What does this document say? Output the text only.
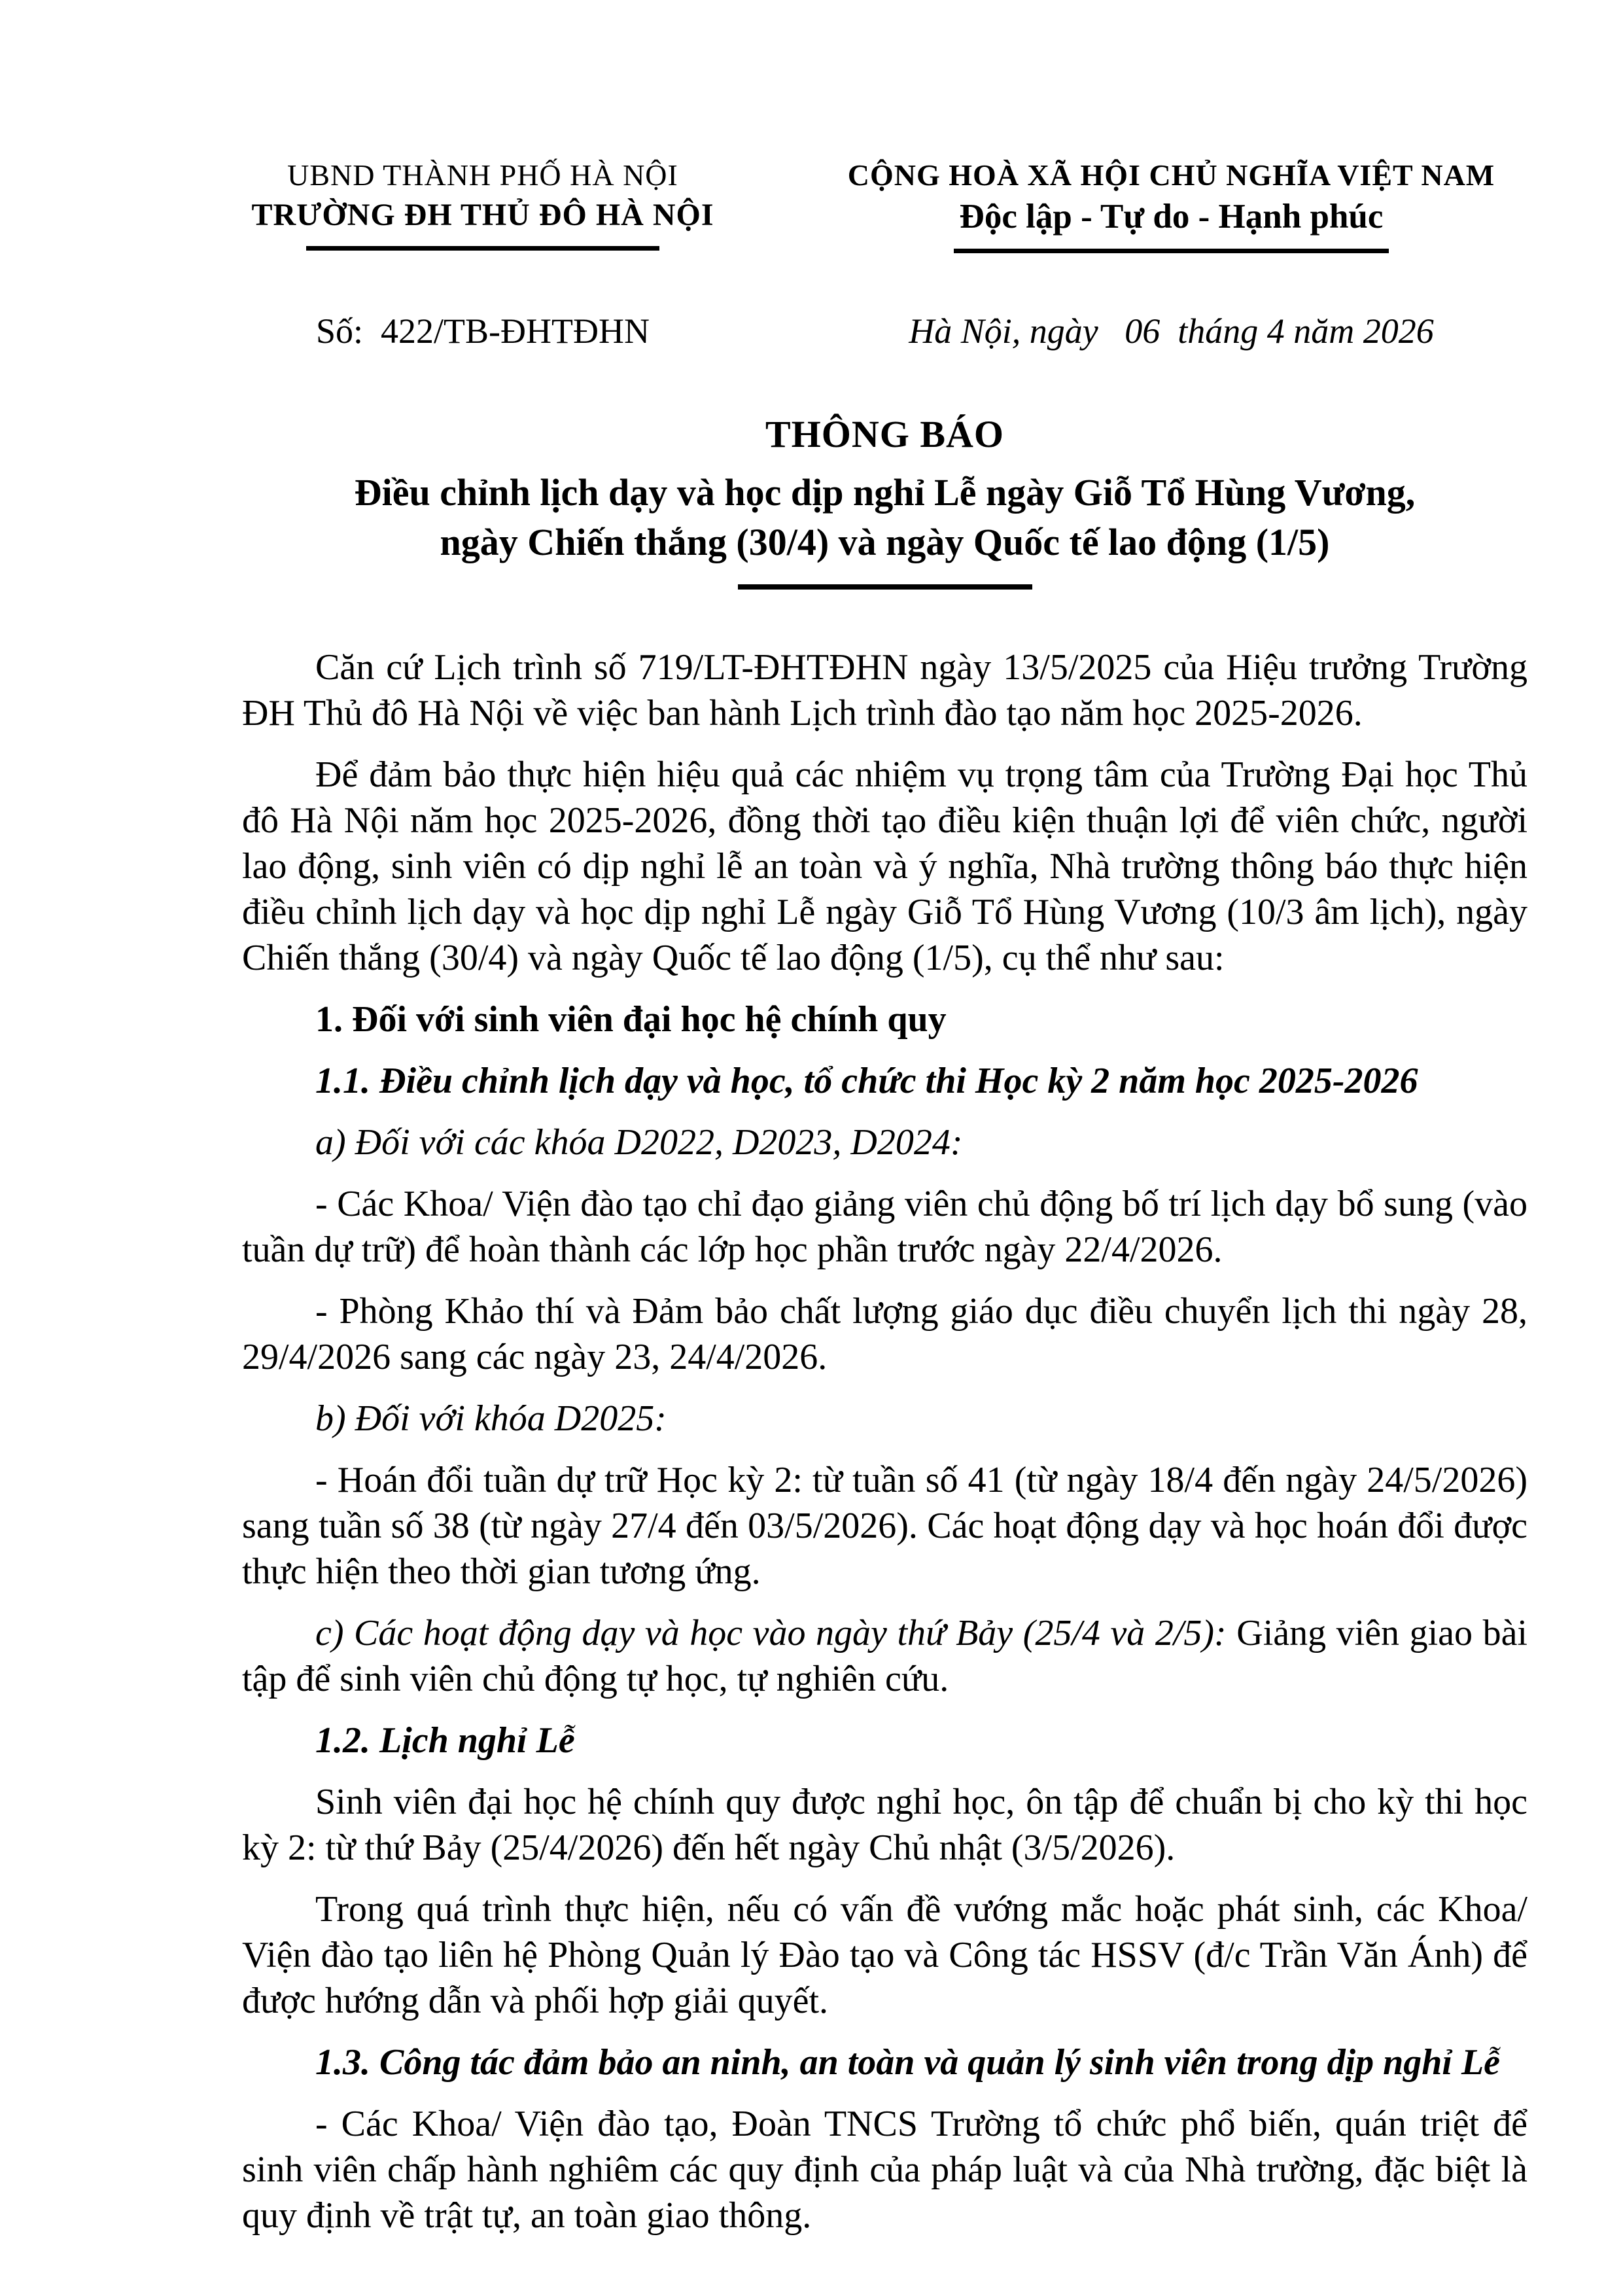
UBND THÀNH PHỐ HÀ NỘI
TRƯỜNG ĐH THỦ ĐÔ HÀ NỘI
Số:  422/TB-ĐHTĐHN
CỘNG HOÀ XÃ HỘI CHỦ NGHĨA VIỆT NAM
Độc lập - Tự do - Hạnh phúc
Hà Nội, ngày   06  tháng 4 năm 2026
THÔNG BÁO
Điều chỉnh lịch dạy và học dịp nghỉ Lễ ngày Giỗ Tổ Hùng Vương,
ngày Chiến thắng (30/4) và ngày Quốc tế lao động (1/5)

Căn cứ Lịch trình số 719/LT-ĐHTĐHN ngày 13/5/2025 của Hiệu trưởng Trường ĐH Thủ đô Hà Nội về việc ban hành Lịch trình đào tạo năm học 2025-2026.

Để đảm bảo thực hiện hiệu quả các nhiệm vụ trọng tâm của Trường Đại học Thủ đô Hà Nội năm học 2025-2026, đồng thời tạo điều kiện thuận lợi để viên chức, người lao động, sinh viên có dịp nghỉ lễ an toàn và ý nghĩa, Nhà trường thông báo thực hiện điều chỉnh lịch dạy và học dịp nghỉ Lễ ngày Giỗ Tổ Hùng Vương (10/3 âm lịch), ngày Chiến thắng (30/4) và ngày Quốc tế lao động (1/5), cụ thể như sau:

1. Đối với sinh viên đại học hệ chính quy

1.1. Điều chỉnh lịch dạy và học, tổ chức thi Học kỳ 2 năm học 2025-2026

a) Đối với các khóa D2022, D2023, D2024:

- Các Khoa/ Viện đào tạo chỉ đạo giảng viên chủ động bố trí lịch dạy bổ sung (vào tuần dự trữ) để hoàn thành các lớp học phần trước ngày 22/4/2026.

- Phòng Khảo thí và Đảm bảo chất lượng giáo dục điều chuyển lịch thi ngày 28, 29/4/2026 sang các ngày 23, 24/4/2026.

b) Đối với khóa D2025:

- Hoán đổi tuần dự trữ Học kỳ 2: từ tuần số 41 (từ ngày 18/4 đến ngày 24/5/2026) sang tuần số 38 (từ ngày 27/4 đến 03/5/2026). Các hoạt động dạy và học hoán đổi được thực hiện theo thời gian tương ứng.

c) Các hoạt động dạy và học vào ngày thứ Bảy (25/4 và 2/5): Giảng viên giao bài tập để sinh viên chủ động tự học, tự nghiên cứu.

1.2. Lịch nghỉ Lễ

Sinh viên đại học hệ chính quy được nghỉ học, ôn tập để chuẩn bị cho kỳ thi học kỳ 2: từ thứ Bảy (25/4/2026) đến hết ngày Chủ nhật (3/5/2026).

Trong quá trình thực hiện, nếu có vấn đề vướng mắc hoặc phát sinh, các Khoa/ Viện đào tạo liên hệ Phòng Quản lý Đào tạo và Công tác HSSV (đ/c Trần Văn Ánh) để được hướng dẫn và phối hợp giải quyết.

1.3. Công tác đảm bảo an ninh, an toàn và quản lý sinh viên trong dịp nghỉ Lễ

- Các Khoa/ Viện đào tạo, Đoàn TNCS Trường tổ chức phổ biến, quán triệt để sinh viên chấp hành nghiêm các quy định của pháp luật và của Nhà trường, đặc biệt là quy định về trật tự, an toàn giao thông.
